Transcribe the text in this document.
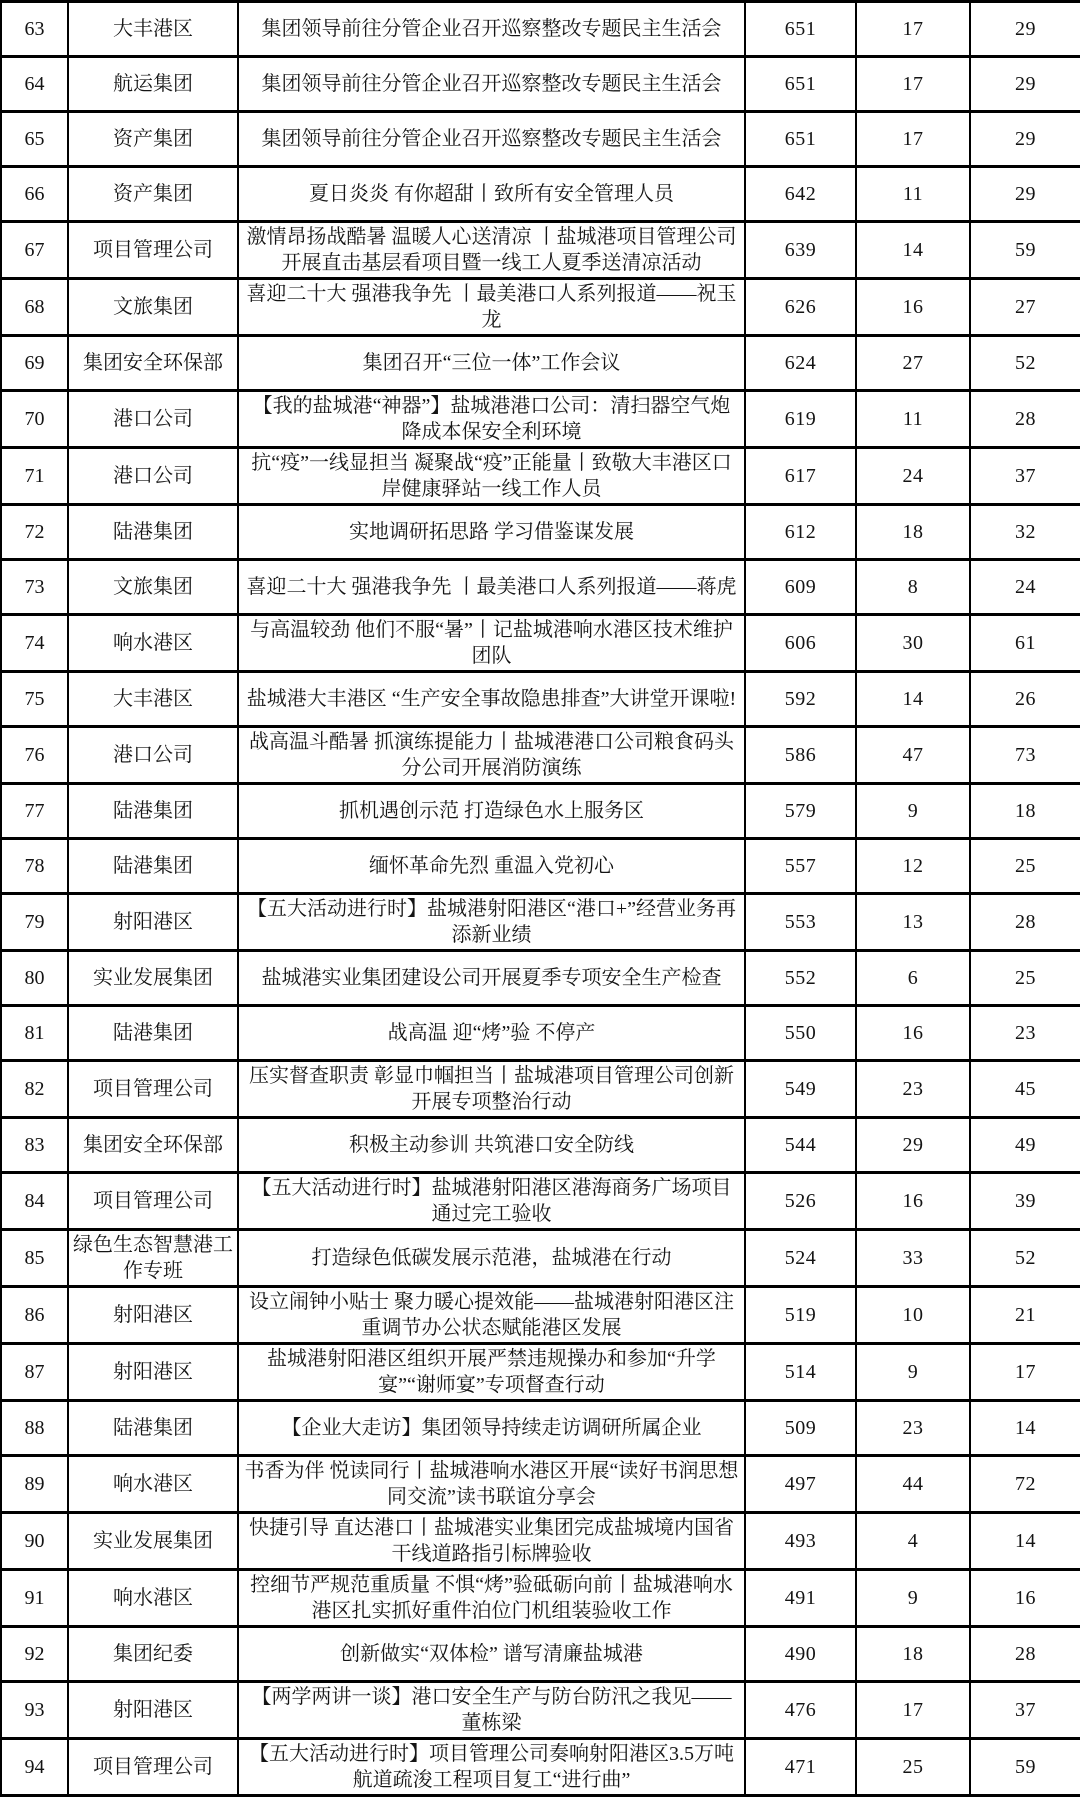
63	大丰港区	集团领导前往分管企业召开巡察整改专题民主生活会	651	17	29
64	航运集团	集团领导前往分管企业召开巡察整改专题民主生活会	651	17	29
65	资产集团	集团领导前往分管企业召开巡察整改专题民主生活会	651	17	29
66	资产集团	夏日炎炎 有你超甜丨致所有安全管理人员	642	11	29
67	项目管理公司	激情昂扬战酷暑 温暖人心送清凉 丨盐城港项目管理公司开展直击基层看项目暨一线工人夏季送清凉活动	639	14	59
68	文旅集团	喜迎二十大 强港我争先 丨最美港口人系列报道——祝玉龙	626	16	27
69	集团安全环保部	集团召开“三位一体”工作会议	624	27	52
70	港口公司	【我的盐城港“神器”】盐城港港口公司：清扫器空气炮降成本保安全利环境	619	11	28
71	港口公司	抗“疫”一线显担当 凝聚战“疫”正能量丨致敬大丰港区口岸健康驿站一线工作人员	617	24	37
72	陆港集团	实地调研拓思路 学习借鉴谋发展	612	18	32
73	文旅集团	喜迎二十大 强港我争先 丨最美港口人系列报道——蒋虎	609	8	24
74	响水港区	与高温较劲 他们不服“暑”丨记盐城港响水港区技术维护团队	606	30	61
75	大丰港区	盐城港大丰港区 “生产安全事故隐患排查”大讲堂开课啦!	592	14	26
76	港口公司	战高温斗酷暑 抓演练提能力丨盐城港港口公司粮食码头分公司开展消防演练	586	47	73
77	陆港集团	抓机遇创示范 打造绿色水上服务区	579	9	18
78	陆港集团	缅怀革命先烈 重温入党初心	557	12	25
79	射阳港区	【五大活动进行时】盐城港射阳港区“港口+”经营业务再添新业绩	553	13	28
80	实业发展集团	盐城港实业集团建设公司开展夏季专项安全生产检查	552	6	25
81	陆港集团	战高温 迎“烤”验 不停产	550	16	23
82	项目管理公司	压实督查职责 彰显巾帼担当丨盐城港项目管理公司创新开展专项整治行动	549	23	45
83	集团安全环保部	积极主动参训 共筑港口安全防线	544	29	49
84	项目管理公司	【五大活动进行时】盐城港射阳港区港海商务广场项目通过完工验收	526	16	39
85	绿色生态智慧港工作专班	打造绿色低碳发展示范港，盐城港在行动	524	33	52
86	射阳港区	设立闹钟小贴士 聚力暖心提效能——盐城港射阳港区注重调节办公状态赋能港区发展	519	10	21
87	射阳港区	盐城港射阳港区组织开展严禁违规操办和参加“升学宴”“谢师宴”专项督查行动	514	9	17
88	陆港集团	【企业大走访】集团领导持续走访调研所属企业	509	23	14
89	响水港区	书香为伴 悦读同行丨盐城港响水港区开展“读好书润思想同交流”读书联谊分享会	497	44	72
90	实业发展集团	快捷引导 直达港口丨盐城港实业集团完成盐城境内国省干线道路指引标牌验收	493	4	14
91	响水港区	控细节严规范重质量 不惧“烤”验砥砺向前丨盐城港响水港区扎实抓好重件泊位门机组装验收工作	491	9	16
92	集团纪委	创新做实“双体检” 谱写清廉盐城港	490	18	28
93	射阳港区	【两学两讲一谈】港口安全生产与防台防汛之我见——董栋梁	476	17	37
94	项目管理公司	【五大活动进行时】项目管理公司奏响射阳港区3.5万吨航道疏浚工程项目复工“进行曲”	471	25	59
